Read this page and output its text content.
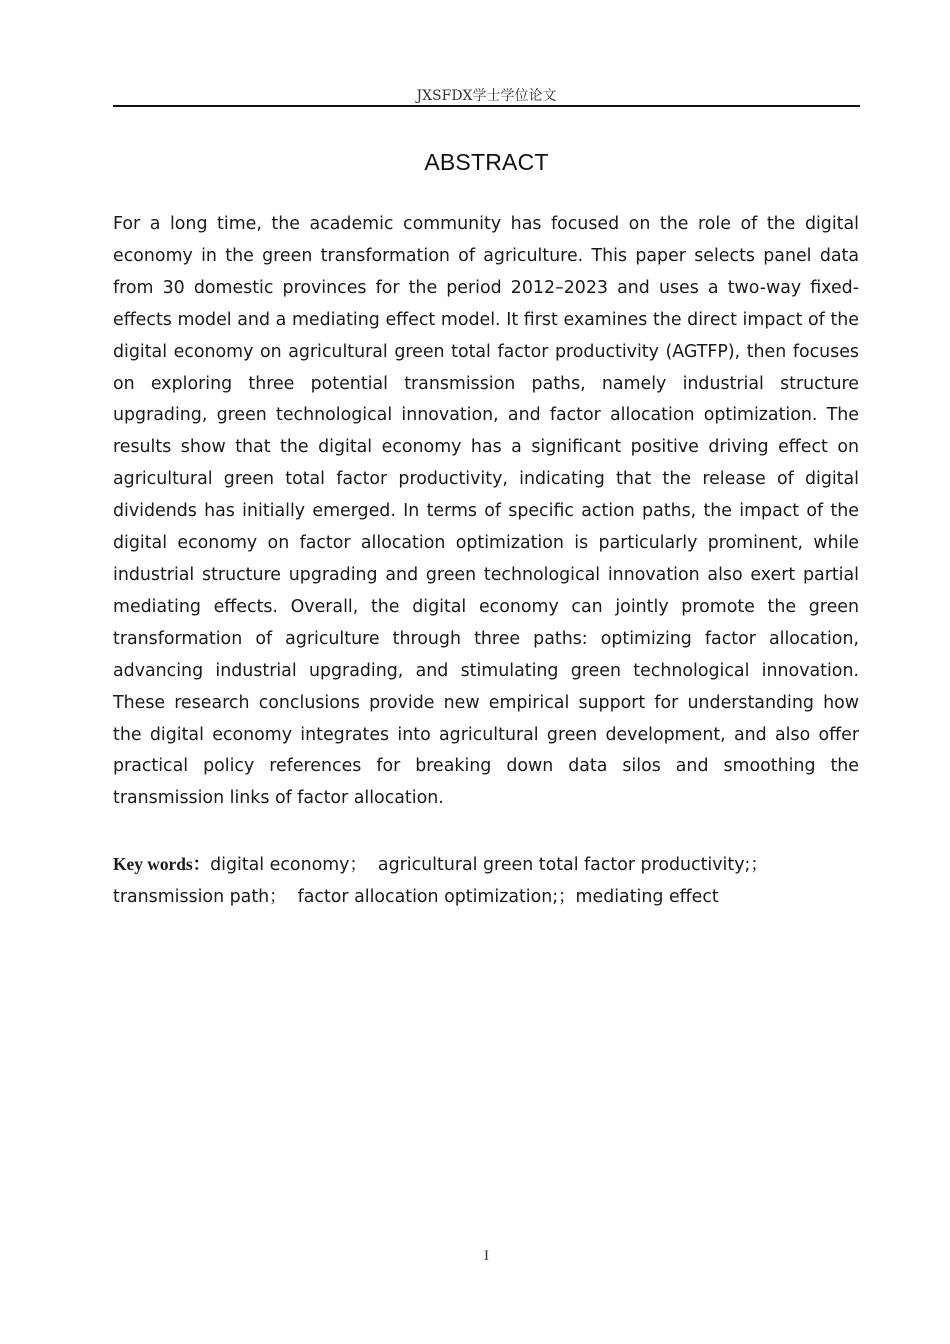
JXSFDX学士学位论文
ABSTRACT

For a long time, the academic community has focused on the role of the digital economy in the green transformation of agriculture. This paper selects panel data from 30 domestic provinces for the period 2012–2023 and uses a two-way fixed-effects model and a mediating effect model. It first examines the direct impact of the digital economy on agricultural green total factor productivity (AGTFP), then focuses on exploring three potential transmission paths, namely industrial structure upgrading, green technological innovation, and factor allocation optimization. The results show that the digital economy has a significant positive driving effect on agricultural green total factor productivity, indicating that the release of digital dividends has initially emerged. In terms of specific action paths, the impact of the digital economy on factor allocation optimization is particularly prominent, while industrial structure upgrading and green technological innovation also exert partial mediating effects. Overall, the digital economy can jointly promote the green transformation of agriculture through three paths: optimizing factor allocation, advancing industrial upgrading, and stimulating green technological innovation. These research conclusions provide new empirical support for understanding how the digital economy integrates into agricultural green development, and also offer practical policy references for breaking down data silos and smoothing the transmission links of factor allocation.

Key words：digital economy；  agricultural green total factor productivity;；  transmission path；  factor allocation optimization;；mediating effect

I
